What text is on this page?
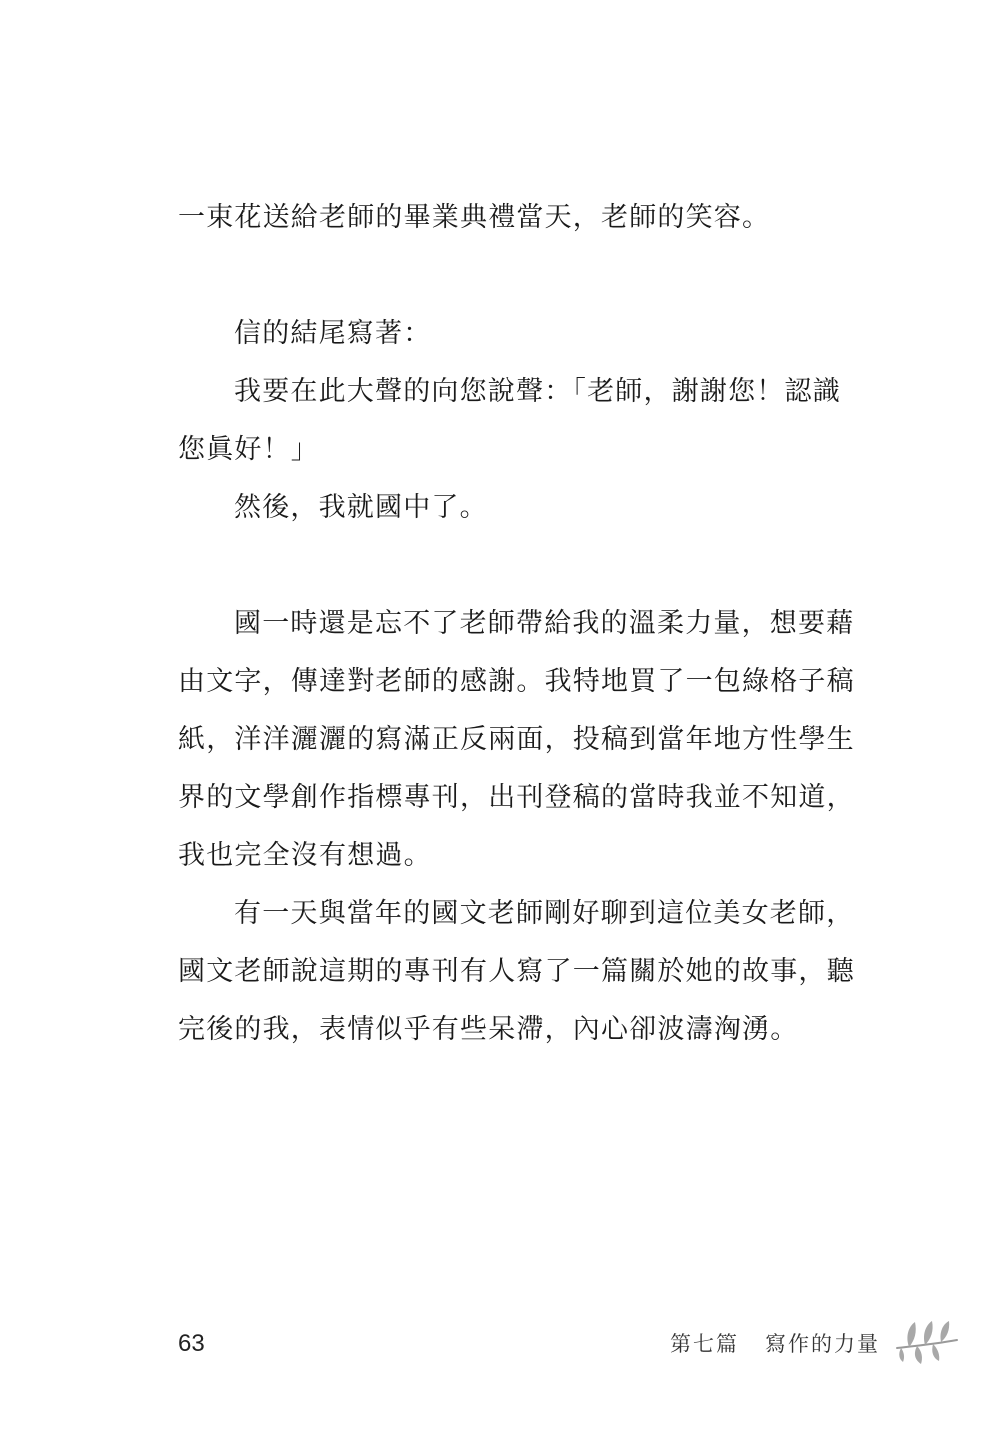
一束花送給老師的畢業典禮當天，老師的笑容。
信的結尾寫著：
我要在此大聲的向您說聲：「老師，謝謝您！認識
您眞好！」
然後，我就國中了。
國一時還是忘不了老師帶給我的溫柔力量，想要藉
由文字，傳達對老師的感謝。我特地買了一包綠格子稿
紙，洋洋灑灑的寫滿正反兩面，投稿到當年地方性學生
界的文學創作指標專刊，出刊登稿的當時我並不知道，
我也完全沒有想過。
有一天與當年的國文老師剛好聊到這位美女老師，
國文老師說這期的專刊有人寫了一篇關於她的故事，聽
完後的我，表情似乎有些呆滯，內心卻波濤洶湧。
63	第七篇 寫作的力量
